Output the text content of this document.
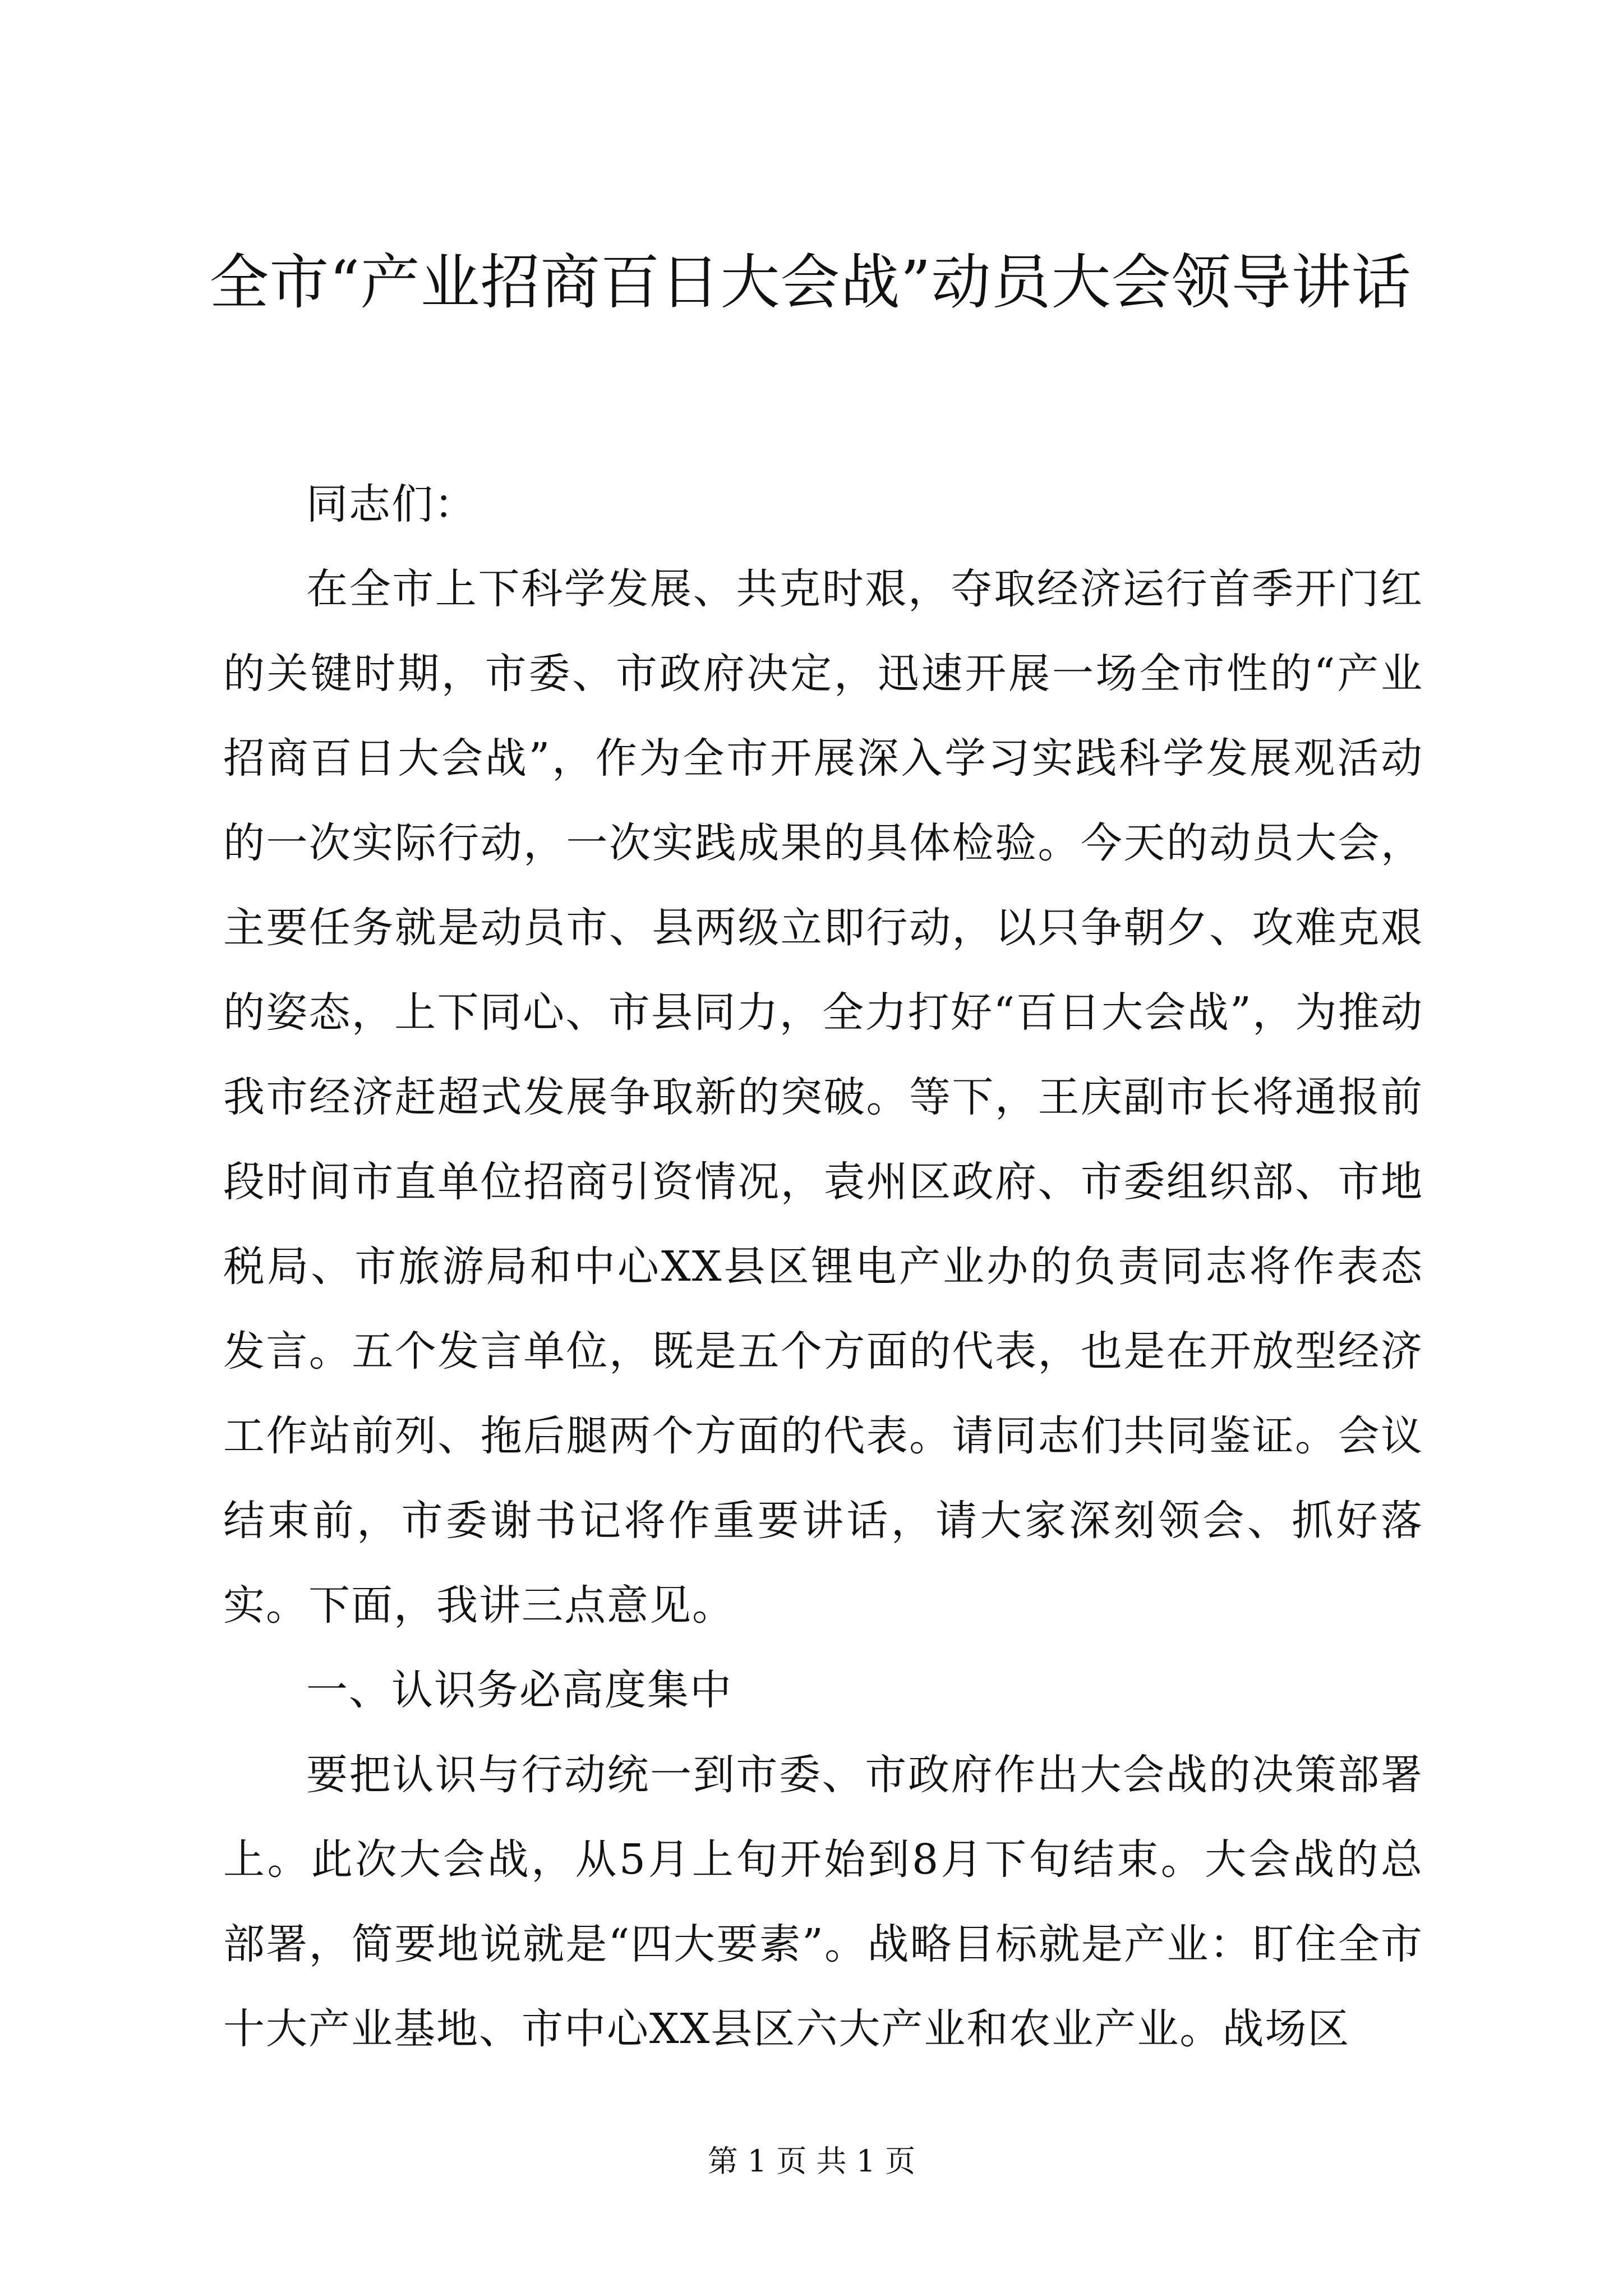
全市“产业招商百日大会战”动员大会领导讲话

同志们：

在全市上下科学发展、共克时艰，夺取经济运行首季开门红的关键时期，市委、市政府决定，迅速开展一场全市性的“产业招商百日大会战”，作为全市开展深入学习实践科学发展观活动的一次实际行动，一次实践成果的具体检验。今天的动员大会，主要任务就是动员市、县两级立即行动，以只争朝夕、攻难克艰的姿态，上下同心、市县同力，全力打好“百日大会战”，为推动我市经济赶超式发展争取新的突破。等下，王庆副市长将通报前段时间市直单位招商引资情况，袁州区政府、市委组织部、市地税局、市旅游局和中心XX县区锂电产业办的负责同志将作表态发言。五个发言单位，既是五个方面的代表，也是在开放型经济工作站前列、拖后腿两个方面的代表。请同志们共同鉴证。会议结束前，市委谢书记将作重要讲话，请大家深刻领会、抓好落实。下面，我讲三点意见。

一、认识务必高度集中

要把认识与行动统一到市委、市政府作出大会战的决策部署上。此次大会战，从5月上旬开始到8月下旬结束。大会战的总部署，简要地说就是“四大要素”。战略目标就是产业：盯住全市十大产业基地、市中心XX县区六大产业和农业产业。战场区

第 1 页 共 1 页
